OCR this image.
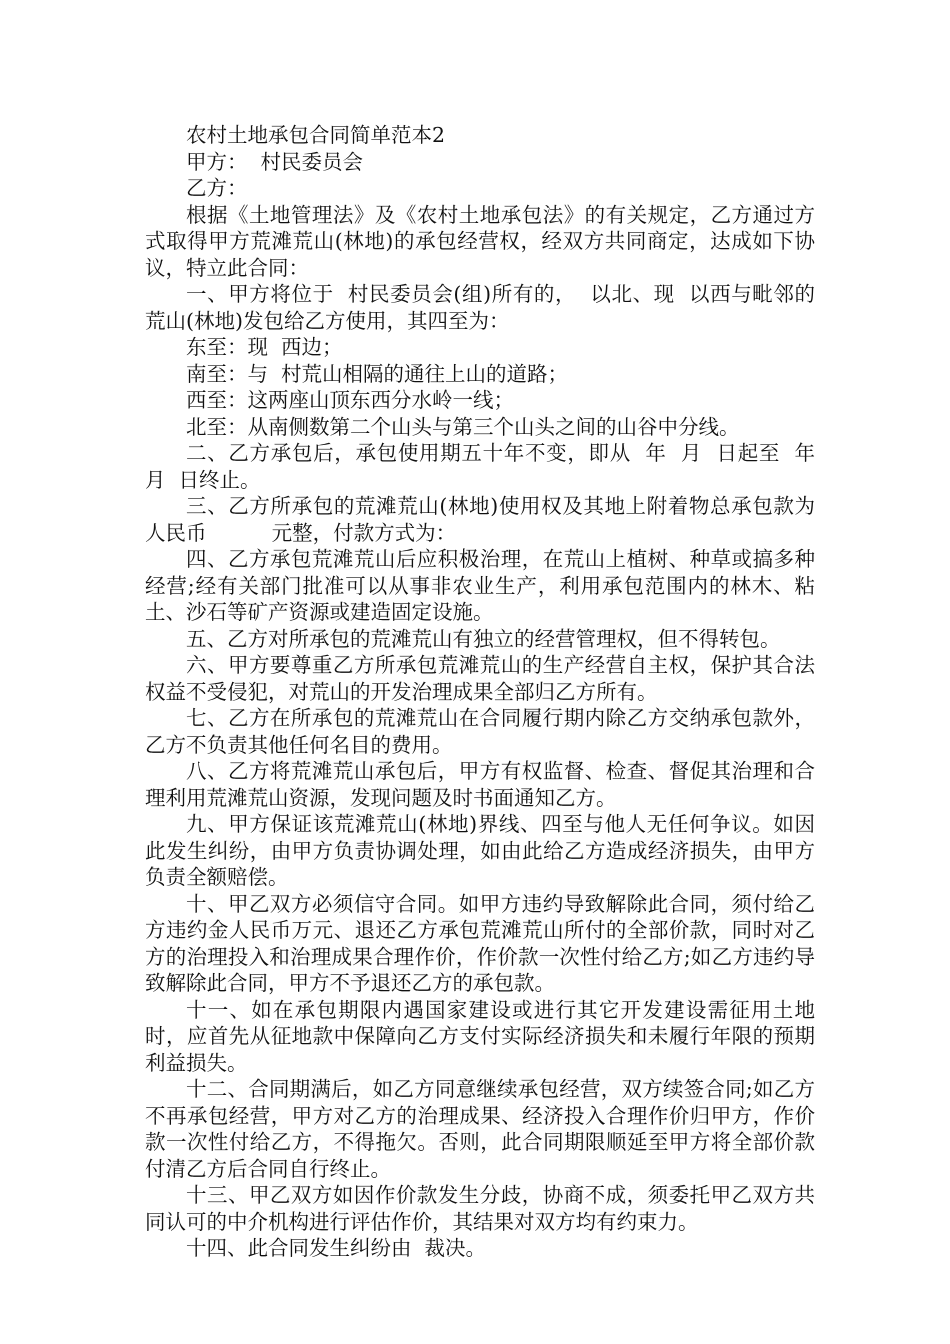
农村土地承包合同简单范本2

甲方：  村民委员会

乙方：

根据《土地管理法》及《农村土地承包法》的有关规定，乙方通过方式取得甲方荒滩荒山(林地)的承包经营权，经双方共同商定，达成如下协议，特立此合同：

一、甲方将位于  村民委员会(组)所有的，  以北、现  以西与毗邻的荒山(林地)发包给乙方使用，其四至为：

东至：现  西边；

南至：与  村荒山相隔的通往上山的道路；

西至：这两座山顶东西分水岭一线；

北至：从南侧数第二个山头与第三个山头之间的山谷中分线。

二、乙方承包后，承包使用期五十年不变，即从  年  月  日起至  年  月  日终止。

三、乙方所承包的荒滩荒山(林地)使用权及其地上附着物总承包款为人民币          元整，付款方式为：

四、乙方承包荒滩荒山后应积极治理，在荒山上植树、种草或搞多种经营;经有关部门批准可以从事非农业生产，利用承包范围内的林木、粘土、沙石等矿产资源或建造固定设施。

五、乙方对所承包的荒滩荒山有独立的经营管理权，但不得转包。

六、甲方要尊重乙方所承包荒滩荒山的生产经营自主权，保护其合法权益不受侵犯，对荒山的开发治理成果全部归乙方所有。

七、乙方在所承包的荒滩荒山在合同履行期内除乙方交纳承包款外，乙方不负责其他任何名目的费用。

八、乙方将荒滩荒山承包后，甲方有权监督、检查、督促其治理和合理利用荒滩荒山资源，发现问题及时书面通知乙方。

九、甲方保证该荒滩荒山(林地)界线、四至与他人无任何争议。如因此发生纠纷，由甲方负责协调处理，如由此给乙方造成经济损失，由甲方负责全额赔偿。

十、甲乙双方必须信守合同。如甲方违约导致解除此合同，须付给乙方违约金人民币万元、退还乙方承包荒滩荒山所付的全部价款，同时对乙方的治理投入和治理成果合理作价，作价款一次性付给乙方;如乙方违约导致解除此合同，甲方不予退还乙方的承包款。

十一、如在承包期限内遇国家建设或进行其它开发建设需征用土地时，应首先从征地款中保障向乙方支付实际经济损失和未履行年限的预期利益损失。

十二、合同期满后，如乙方同意继续承包经营，双方续签合同;如乙方不再承包经营，甲方对乙方的治理成果、经济投入合理作价归甲方，作价款一次性付给乙方，不得拖欠。否则，此合同期限顺延至甲方将全部价款付清乙方后合同自行终止。

十三、甲乙双方如因作价款发生分歧，协商不成，须委托甲乙双方共同认可的中介机构进行评估作价，其结果对双方均有约束力。

十四、此合同发生纠纷由  裁决。
